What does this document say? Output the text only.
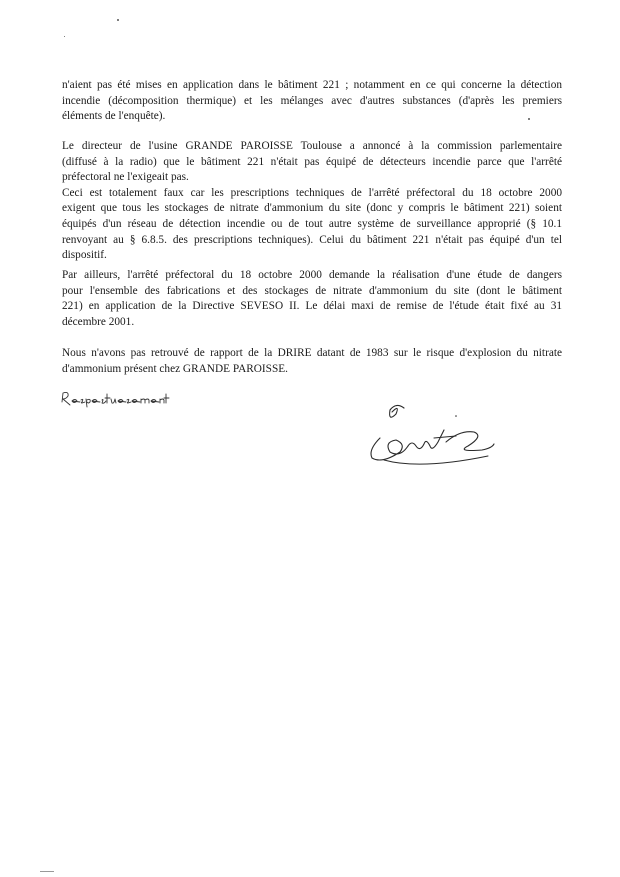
n'aient pas été mises en application dans le bâtiment 221 ; notamment en ce qui concerne la détection
incendie (décomposition thermique) et les mélanges avec d'autres substances (d'après les premiers
éléments de l'enquête).

Le directeur de l'usine GRANDE PAROISSE Toulouse a annoncé à la commission parlementaire
(diffusé à la radio) que le bâtiment 221 n'était pas équipé de détecteurs incendie parce que l'arrêté
préfectoral ne l'exigeait pas.
Ceci est totalement faux car les prescriptions techniques de l'arrêté préfectoral du 18 octobre 2000
exigent que tous les stockages de nitrate d'ammonium du site (donc y compris le bâtiment 221) soient
équipés d'un réseau de détection incendie ou de tout autre système de surveillance approprié (§ 10.1
renvoyant au § 6.8.5. des prescriptions techniques). Celui du bâtiment 221 n'était pas équipé d'un tel
dispositif.

Par ailleurs, l'arrêté préfectoral du 18 octobre 2000 demande la réalisation d'une étude de dangers
pour l'ensemble des fabrications et des stockages de nitrate d'ammonium du site (dont le bâtiment
221) en application de la Directive SEVESO II. Le délai maxi de remise de l'étude était fixé au 31
décembre 2001.

Nous n'avons pas retrouvé de rapport de la DRIRE datant de 1983 sur le risque d'explosion du nitrate
d'ammonium présent chez GRANDE PAROISSE.
